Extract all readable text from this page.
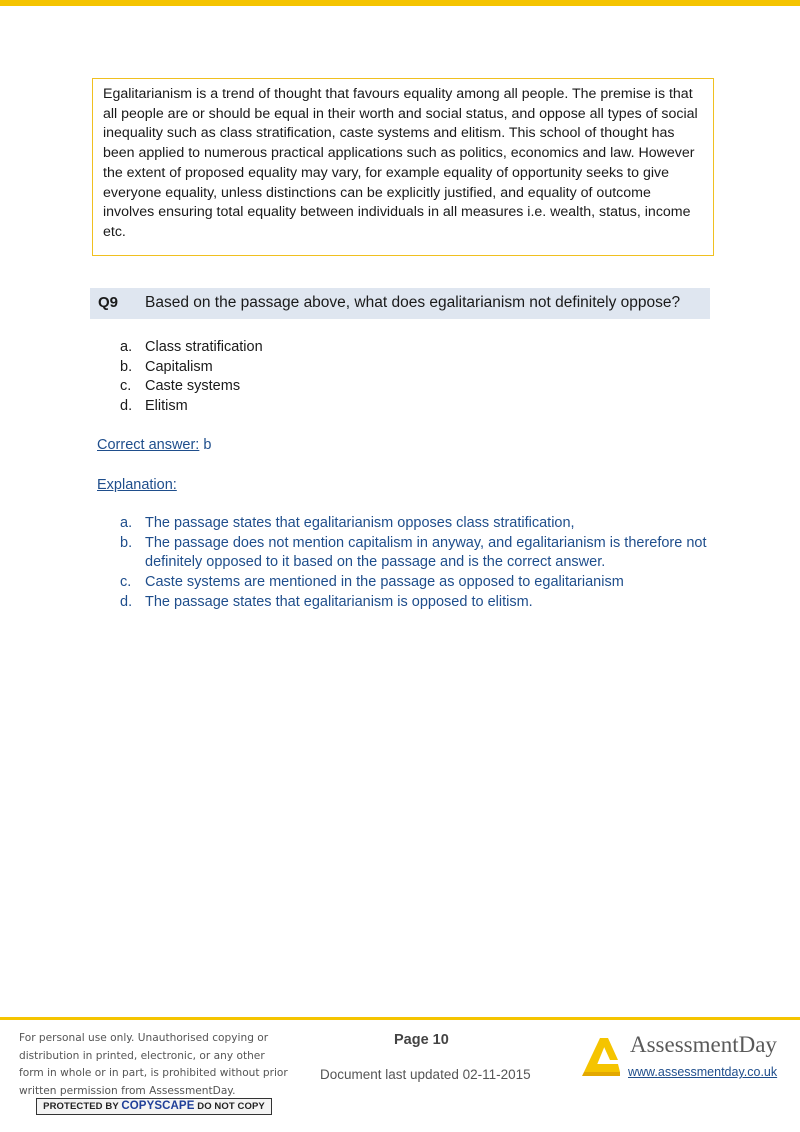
Egalitarianism is a trend of thought that favours equality among all people. The premise is that all people are or should be equal in their worth and social status, and oppose all types of social inequality such as class stratification, caste systems and elitism. This school of thought has been applied to numerous practical applications such as politics, economics and law. However the extent of proposed equality may vary, for example equality of opportunity seeks to give everyone equality, unless distinctions can be explicitly justified, and equality of outcome involves ensuring total equality between individuals in all measures i.e. wealth, status, income etc.

Q9 Based on the passage above, what does egalitarianism not definitely oppose?
a. Class stratification
b. Capitalism
c. Caste systems
d. Elitism
Correct answer: b
Explanation:
a. The passage states that egalitarianism opposes class stratification,
b. The passage does not mention capitalism in anyway, and egalitarianism is therefore not definitely opposed to it based on the passage and is the correct answer.
c. Caste systems are mentioned in the passage as opposed to egalitarianism
d. The passage states that egalitarianism is opposed to elitism.

For personal use only. Unauthorised copying or distribution in printed, electronic, or any other form in whole or in part, is prohibited without prior written permission from AssessmentDay.

PROTECTED BY COPYSCAPE DO NOT COPY
Page 10
Document last updated 02-11-2015
AssessmentDay
www.assessmentday.co.uk
